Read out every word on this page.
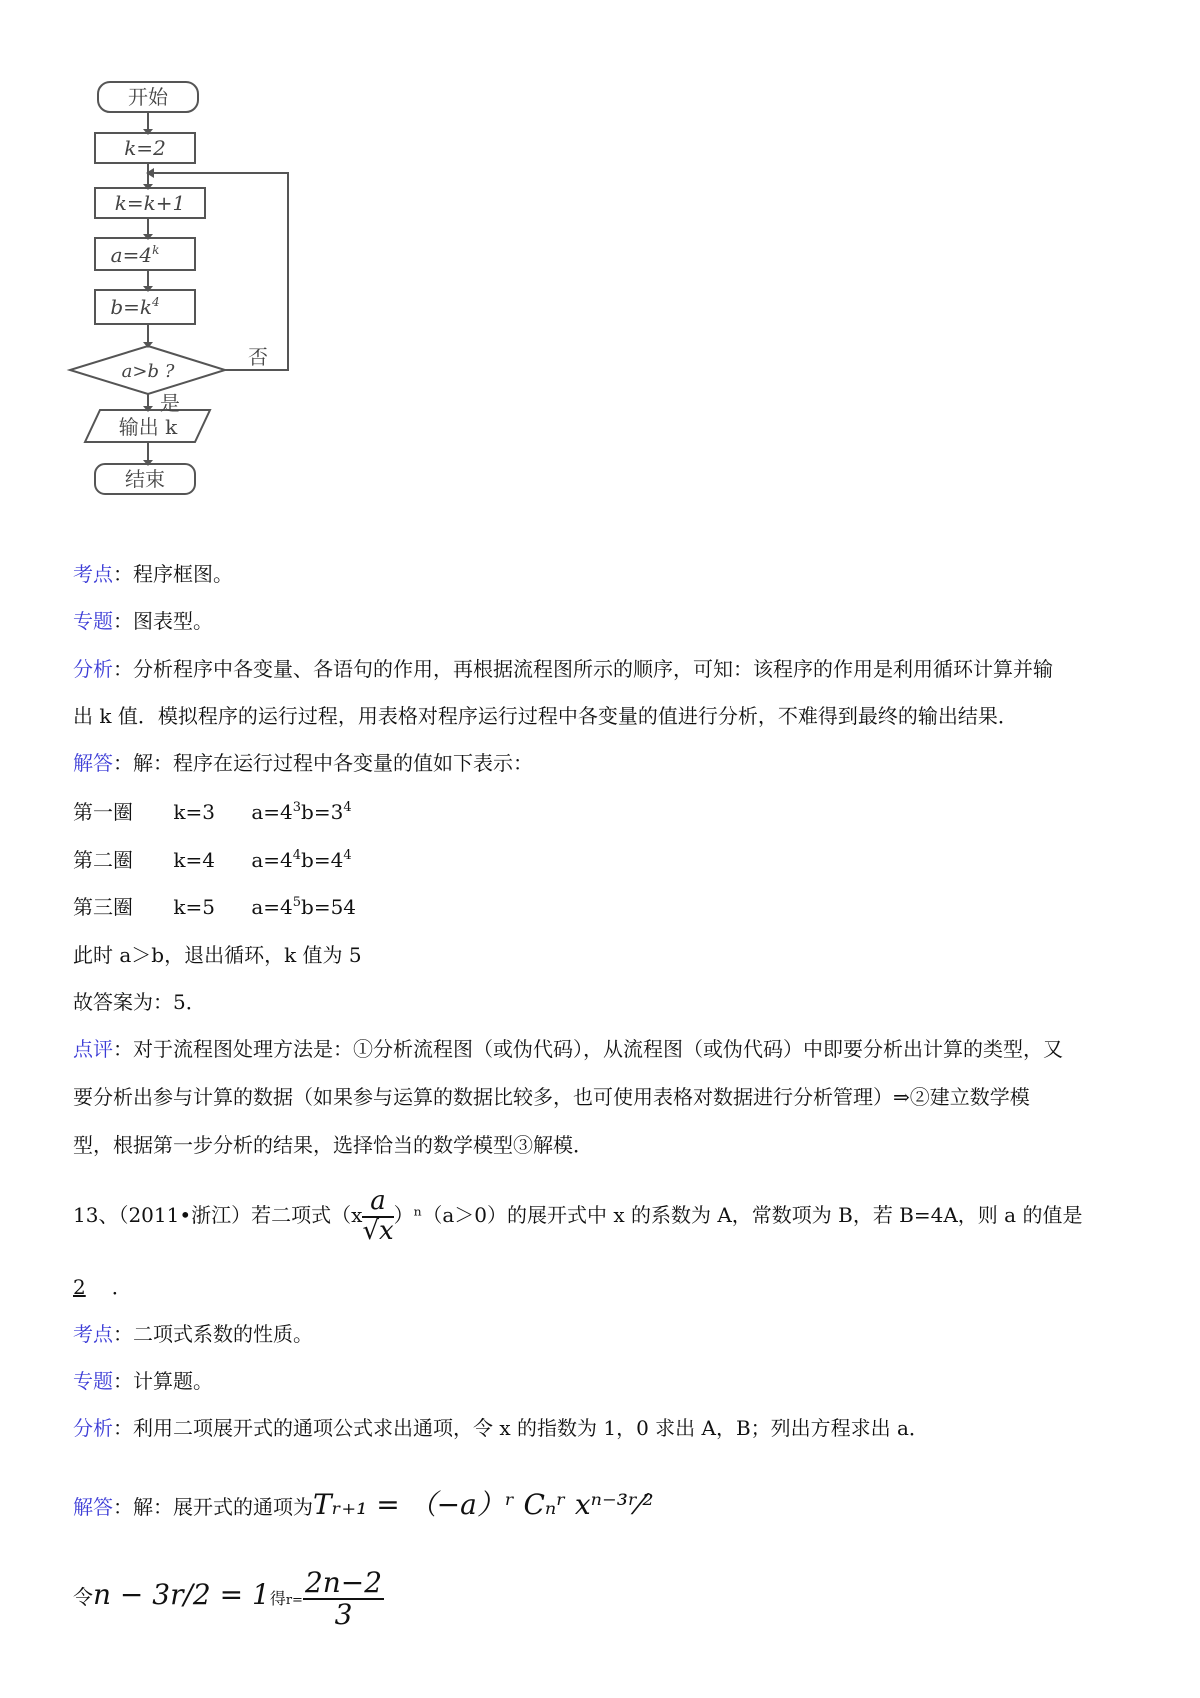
开始
k=2
k=k+1
$a=4^k$
$b=k^4$
a>b ?
否
是
输出 k
结束
考点：程序框图。
专题：图表型。
分析：分析程序中各变量、各语句的作用，再根据流程图所示的顺序，可知：该程序的作用是利用循环计算并输
出 k 值．模拟程序的运行过程，用表格对程序运行过程中各变量的值进行分析，不难得到最终的输出结果．
解答：解：程序在运行过程中各变量的值如下表示：
第一圈 k=3 $a=4^3b=3^4$
第二圈 k=4 $a=4^4b=4^4$
第三圈 k=5 $a=4^5b=54$
此时 a＞b，退出循环，k 值为 5
故答案为：5．
点评：对于流程图处理方法是：①分析流程图（或伪代码），从流程图（或伪代码）中即要分析出计算的类型，又
要分析出参与计算的数据（如果参与运算的数据比较多，也可使用表格对数据进行分析管理）⇒②建立数学模
型，根据第一步分析的结果，选择恰当的数学模型③解模．
13、（2011•浙江）若二项式$(x \frac{a}{√x} )^n(a>0)$的展开式中 x 的系数为 A，常数项为 B，若 B=4A，则 a 的值是
2 ．
考点：二项式系数的性质。
专题：计算题。
分析：利用二项展开式的通项公式求出通项，令 x 的指数为 1，0 求出 A，B；列出方程求出 a．
解答：解：展开式的通项为Tᵣ₊₁ = （−a）ʳ Cₙʳ xⁿ⁻³ʳ⁄²
令n − 3r/2 = 1得$r= \frac{2n-2}{3}$
